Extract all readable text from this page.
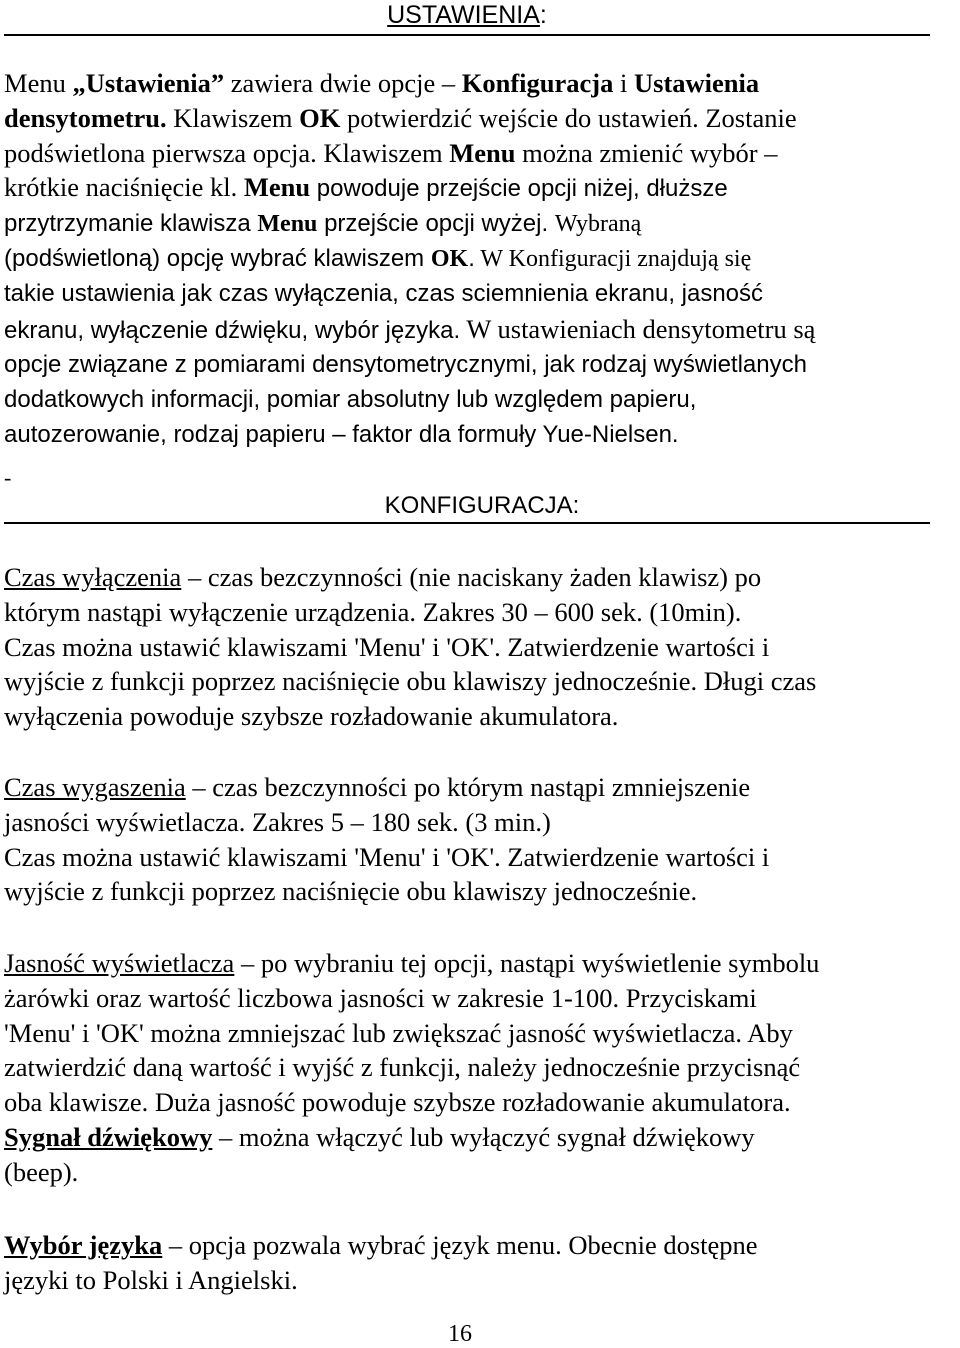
USTAWIENIA:
Menu „Ustawienia” zawiera dwie opcje – Konfiguracja i Ustawienia
densytometru. Klawiszem OK potwierdzić wejście do ustawień. Zostanie
podświetlona pierwsza opcja. Klawiszem Menu można zmienić wybór –
krótkie naciśnięcie kl. Menu powoduje przejście opcji niżej, dłuższe
przytrzymanie klawisza Menu przejście opcji wyżej. Wybraną
(podświetloną) opcję wybrać klawiszem OK. W Konfiguracji znajdują się
takie ustawienia jak czas wyłączenia, czas sciemnienia ekranu, jasność
ekranu, wyłączenie dźwięku, wybór języka. W ustawieniach densytometru są
opcje związane z pomiarami densytometrycznymi, jak rodzaj wyświetlanych
dodatkowych informacji, pomiar absolutny lub względem papieru,
autozerowanie, rodzaj papieru – faktor dla formuły Yue-Nielsen.
-
KONFIGURACJA:
Czas wyłączenia – czas bezczynności (nie naciskany żaden klawisz) po
którym nastąpi wyłączenie urządzenia. Zakres 30 – 600 sek. (10min).
Czas można ustawić klawiszami 'Menu' i 'OK'. Zatwierdzenie wartości i
wyjście z funkcji poprzez naciśnięcie obu klawiszy jednocześnie. Długi czas
wyłączenia powoduje szybsze rozładowanie akumulatora.
Czas wygaszenia – czas bezczynności po którym nastąpi zmniejszenie
jasności wyświetlacza. Zakres 5 – 180 sek. (3 min.)
Czas można ustawić klawiszami 'Menu' i 'OK'. Zatwierdzenie wartości i
wyjście z funkcji poprzez naciśnięcie obu klawiszy jednocześnie.
Jasność wyświetlacza – po wybraniu tej opcji, nastąpi wyświetlenie symbolu
żarówki oraz wartość liczbowa jasności w zakresie 1-100. Przyciskami
'Menu' i 'OK' można zmniejszać lub zwiększać jasność wyświetlacza. Aby
zatwierdzić daną wartość i wyjść z funkcji, należy jednocześnie przycisnąć
oba klawisze. Duża jasność powoduje szybsze rozładowanie akumulatora.
Sygnał dźwiękowy – można włączyć lub wyłączyć sygnał dźwiękowy
(beep).
Wybór języka – opcja pozwala wybrać język menu. Obecnie dostępne
języki to Polski i Angielski.
16
